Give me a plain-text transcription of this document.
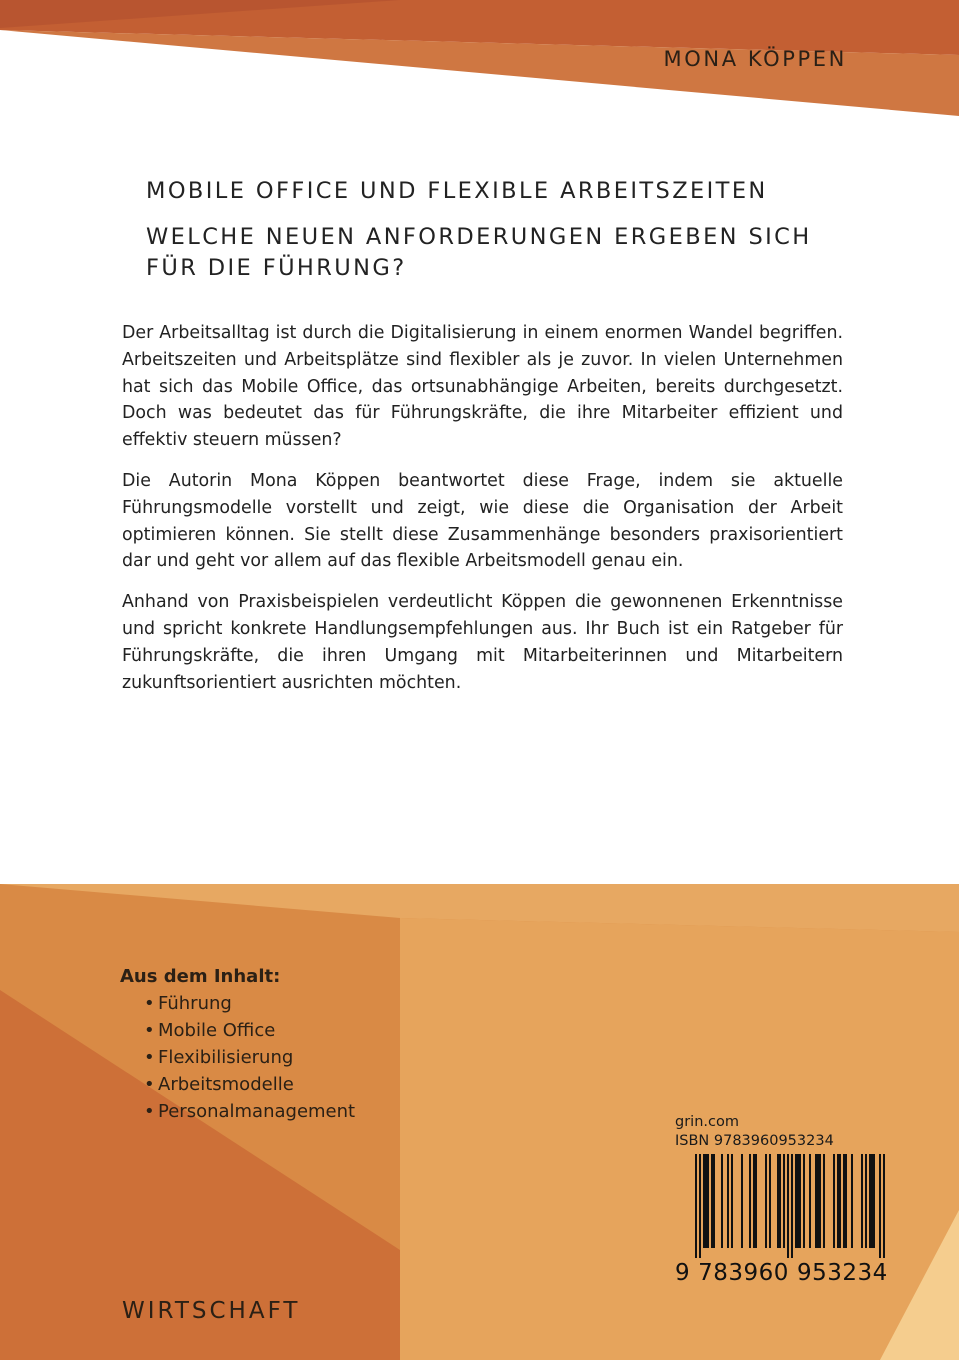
MONA KÖPPEN
MOBILE OFFICE UND FLEXIBLE ARBEITSZEITEN
WELCHE NEUEN ANFORDERUNGEN ERGEBEN SICH FÜR DIE FÜHRUNG?

Der Arbeitsalltag ist durch die Digitalisierung in einem enormen Wandel begriffen. Arbeitszeiten und Arbeitsplätze sind flexibler als je zuvor. In vielen Unternehmen hat sich das Mobile Office, das ortsunabhängige Arbeiten, bereits durchgesetzt. Doch was bedeutet das für Führungskräfte, die ihre Mitarbeiter effizient und effektiv steuern müssen?

Die Autorin Mona Köppen beantwortet diese Frage, indem sie aktuelle Führungsmodelle vorstellt und zeigt, wie diese die Organisation der Arbeit optimieren können. Sie stellt diese Zusammenhänge besonders praxisorientiert dar und geht vor allem auf das flexible Arbeitsmodell genau ein.

Anhand von Praxisbeispielen verdeutlicht Köppen die gewonnenen Erkenntnisse und spricht konkrete Handlungsempfehlungen aus. Ihr Buch ist ein Ratgeber für Führungskräfte, die ihren Umgang mit Mitarbeiterinnen und Mitarbeitern zukunftsorientiert ausrichten möchten.

Aus dem Inhalt:
• Führung
• Mobile Office
• Flexibilisierung
• Arbeitsmodelle
• Personalmanagement
WIRTSCHAFT
grin.com
ISBN 9783960953234
9 783960 953234
